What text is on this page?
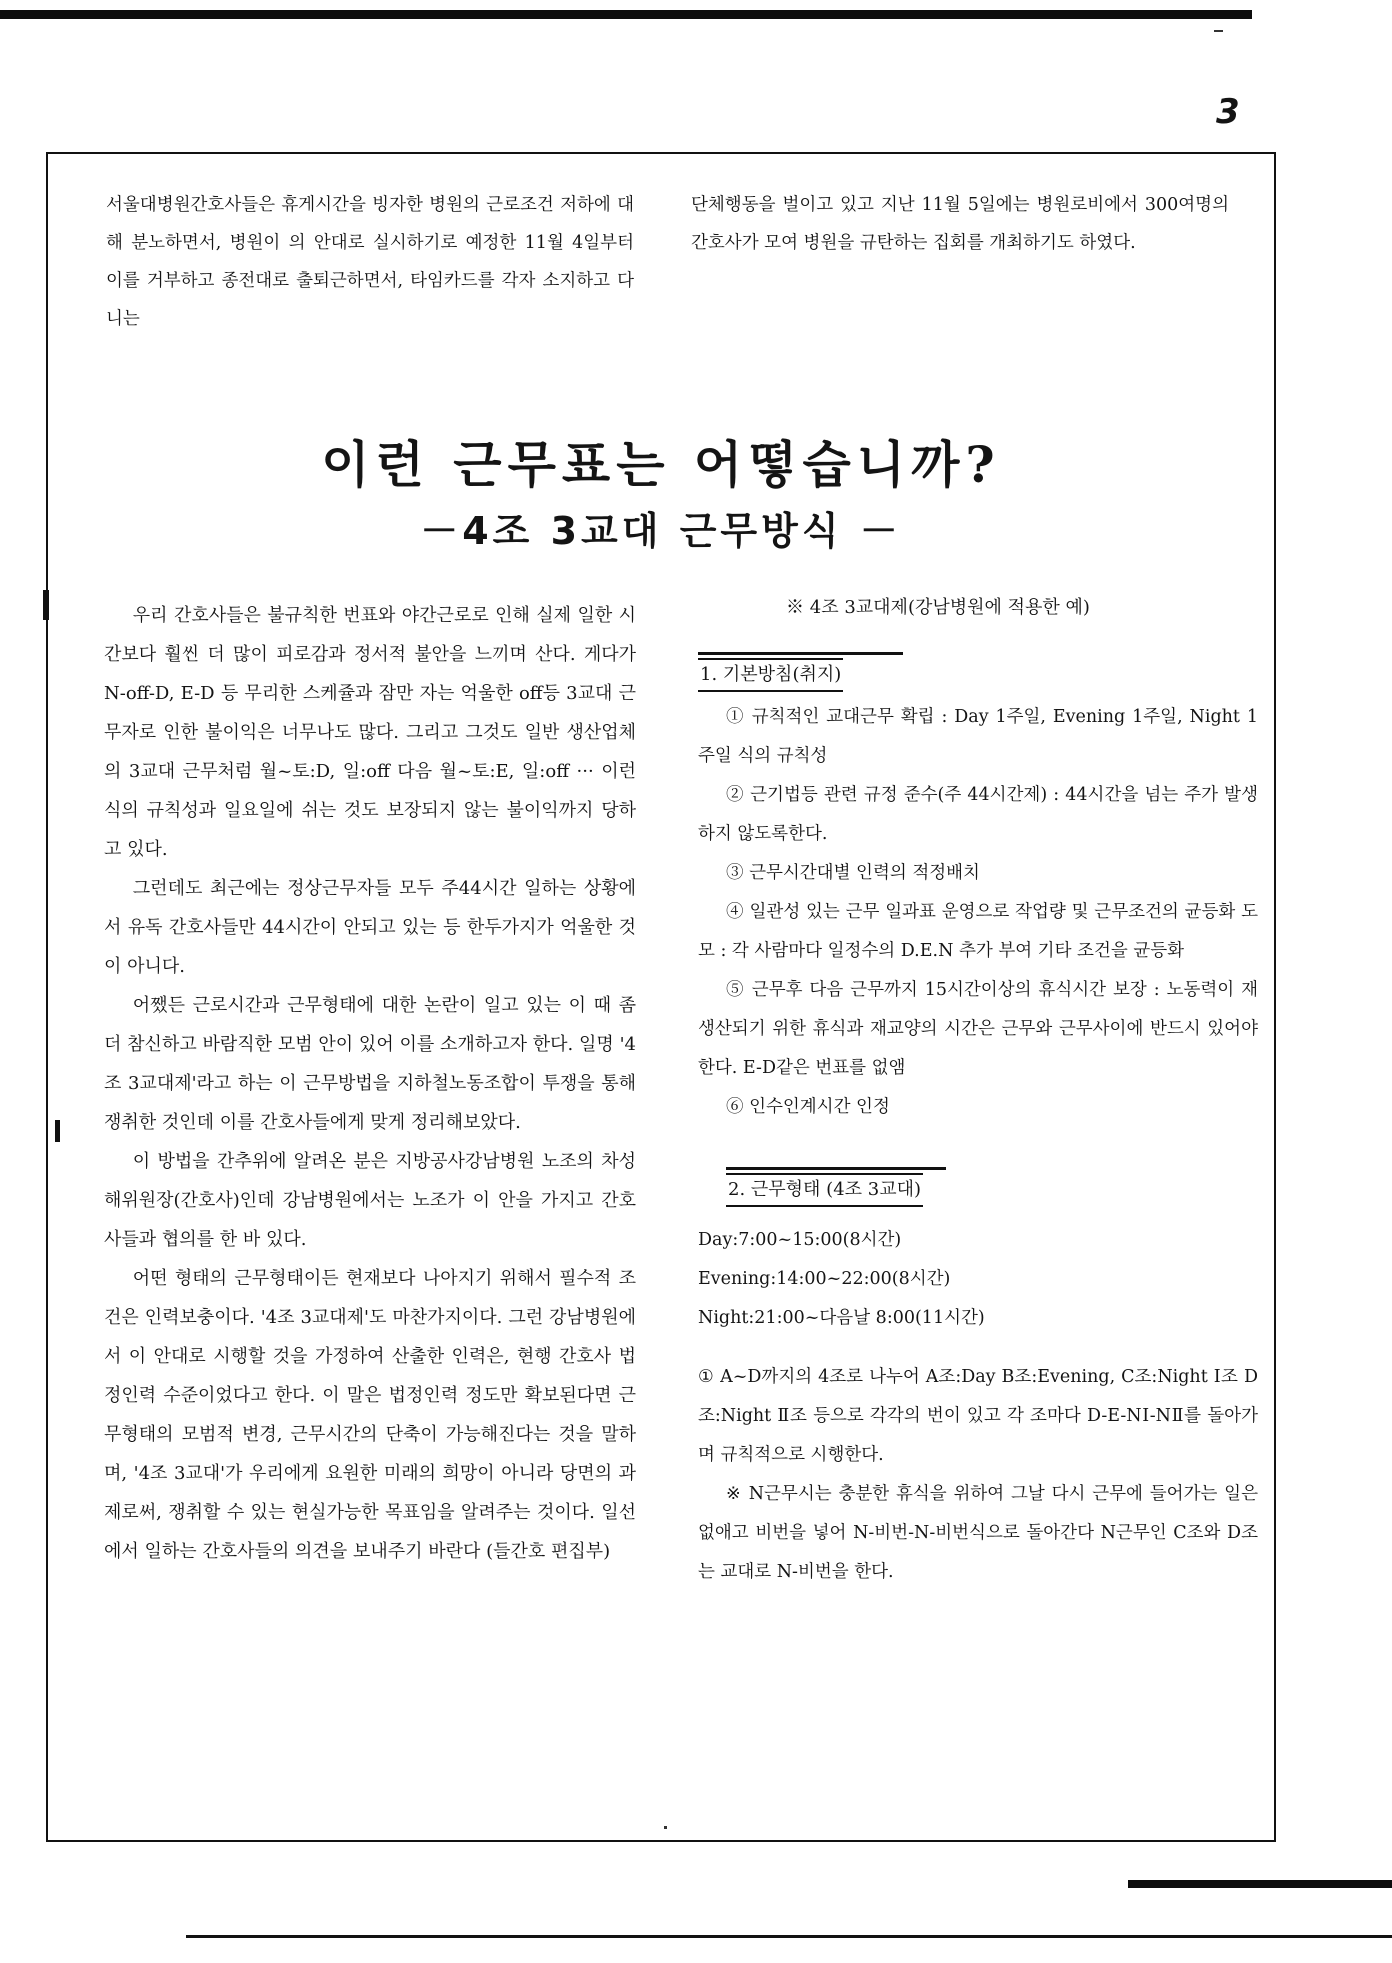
3

서울대병원간호사들은 휴게시간을 빙자한 병원의 근로조건 저하에 대해 분노하면서, 병원이 의 안대로 실시하기로 예정한 11월 4일부터 이를 거부하고 종전대로 출퇴근하면서, 타임카드를 각자 소지하고 다니는

단체행동을 벌이고 있고 지난 11월 5일에는 병원로비에서 300여명의 간호사가 모여 병원을 규탄하는 집회를 개최하기도 하였다.

이런 근무표는 어떻습니까?
－4조 3교대 근무방식 －

우리 간호사들은 불규칙한 번표와 야간근로로 인해 실제 일한 시간보다 훨씬 더 많이 피로감과 정서적 불안을 느끼며 산다. 게다가 N-off-D, E-D 등 무리한 스케쥴과 잠만 자는 억울한 off등 3교대 근무자로 인한 불이익은 너무나도 많다. 그리고 그것도 일반 생산업체의 3교대 근무처럼 월~토:D, 일:off 다음 월~토:E, 일:off ··· 이런 식의 규칙성과 일요일에 쉬는 것도 보장되지 않는 불이익까지 당하고 있다.

그런데도 최근에는 정상근무자들 모두 주44시간 일하는 상황에서 유독 간호사들만 44시간이 안되고 있는 등 한두가지가 억울한 것이 아니다.

어쨌든 근로시간과 근무형태에 대한 논란이 일고 있는 이 때 좀 더 참신하고 바람직한 모범 안이 있어 이를 소개하고자 한다. 일명 '4조 3교대제'라고 하는 이 근무방법을 지하철노동조합이 투쟁을 통해 쟁취한 것인데 이를 간호사들에게 맞게 정리해보았다.

이 방법을 간추위에 알려온 분은 지방공사강남병원 노조의 차성해위원장(간호사)인데 강남병원에서는 노조가 이 안을 가지고 간호사들과 협의를 한 바 있다.

어떤 형태의 근무형태이든 현재보다 나아지기 위해서 필수적 조건은 인력보충이다. '4조 3교대제'도 마찬가지이다. 그런 강남병원에서 이 안대로 시행할 것을 가정하여 산출한 인력은, 현행 간호사 법정인력 수준이었다고 한다. 이 말은 법정인력 정도만 확보된다면 근무형태의 모범적 변경, 근무시간의 단축이 가능해진다는 것을 말하며, '4조 3교대'가 우리에게 요원한 미래의 희망이 아니라 당면의 과제로써, 쟁취할 수 있는 현실가능한 목표임을 알려주는 것이다. 일선에서 일하는 간호사들의 의견을 보내주기 바란다 (들간호 편집부)

※ 4조 3교대제(강남병원에 적용한 예)
1. 기본방침(취지)

① 규칙적인 교대근무 확립 : Day 1주일, Evening 1주일, Night 1주일 식의 규칙성

② 근기법등 관련 규정 준수(주 44시간제) : 44시간을 넘는 주가 발생하지 않도록한다.

③ 근무시간대별 인력의 적정배치

④ 일관성 있는 근무 일과표 운영으로 작업량 및 근무조건의 균등화 도모 : 각 사람마다 일정수의 D.E.N 추가 부여 기타 조건을 균등화

⑤ 근무후 다음 근무까지 15시간이상의 휴식시간 보장 : 노동력이 재생산되기 위한 휴식과 재교양의 시간은 근무와 근무사이에 반드시 있어야 한다. E-D같은 번표를 없앰

⑥ 인수인계시간 인정

2. 근무형태 (4조 3교대)

Day:7:00~15:00(8시간)

Evening:14:00~22:00(8시간)

Night:21:00~다음날 8:00(11시간)

① A~D까지의 4조로 나누어 A조:Day B조:Evening, C조:Night Ⅰ조 D조:Night Ⅱ조 등으로 각각의 번이 있고 각 조마다 D-E-NⅠ-NⅡ를 돌아가며 규칙적으로 시행한다.

※ N근무시는 충분한 휴식을 위하여 그날 다시 근무에 들어가는 일은 없애고 비번을 넣어 N-비번-N-비번식으로 돌아간다 N근무인 C조와 D조는 교대로 N-비번을 한다.
